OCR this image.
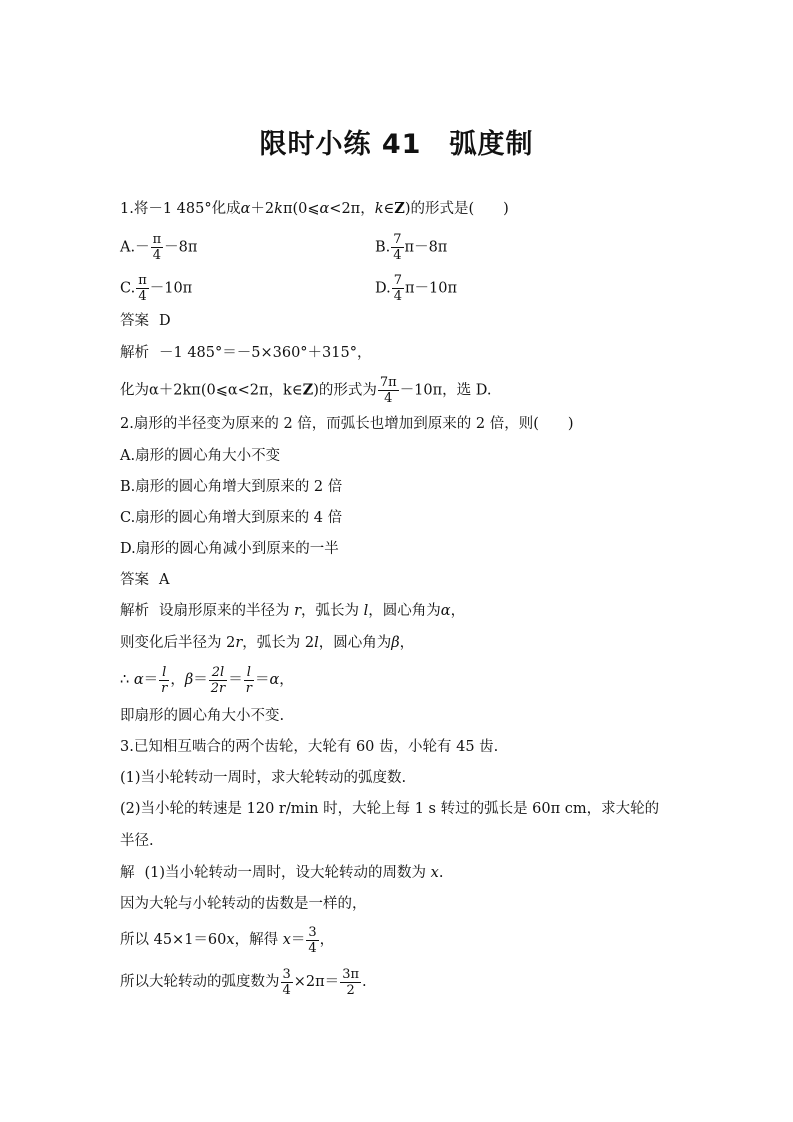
限时小练 41　弧度制
1.将－1 485°化成α＋2kπ(0⩽α<2π，k∈Z)的形式是(　　)
$A.- \frac{\pi}{4} -8\pi$	B. $\frac{7}{4} \pi-8\pi$
C. $\frac{\pi}{4} -10\pi$	D. $\frac{7}{4} \pi-10\pi$
答案 D
解析 －1 485°＝－5×360°＋315°，
化为α＋2kπ(0⩽α<2π，k∈Z)的形式为 $\frac{7\pi}{4} -10\pi$，选 D.
2.扇形的半径变为原来的 2 倍，而弧长也增加到原来的 2 倍，则(　　)
A.扇形的圆心角大小不变
B.扇形的圆心角增大到原来的 2 倍
C.扇形的圆心角增大到原来的 4 倍
D.扇形的圆心角减小到原来的一半
答案 A
解析 设扇形原来的半径为 r，弧长为 l，圆心角为α，
则变化后半径为 2r，弧长为 2l，圆心角为β，
∴ $\alpha= \frac{l}{r}$ ，$\beta= \frac{2l}{2r} = \frac{l}{r} =\alpha$，
即扇形的圆心角大小不变.
3.已知相互啮合的两个齿轮，大轮有 60 齿，小轮有 45 齿.
(1)当小轮转动一周时，求大轮转动的弧度数.
(2)当小轮的转速是 120 r/min 时，大轮上每 1 s 转过的弧长是 60π cm，求大轮的
半径.
解 (1)当小轮转动一周时，设大轮转动的周数为 x.
因为大轮与小轮转动的齿数是一样的，
所以 45×1＝60x，解得 $x= \frac{3}{4}$ ，
所以大轮转动的弧度数为 $\frac{3}{4} \times 2\pi= \frac{3\pi}{2}$ .
